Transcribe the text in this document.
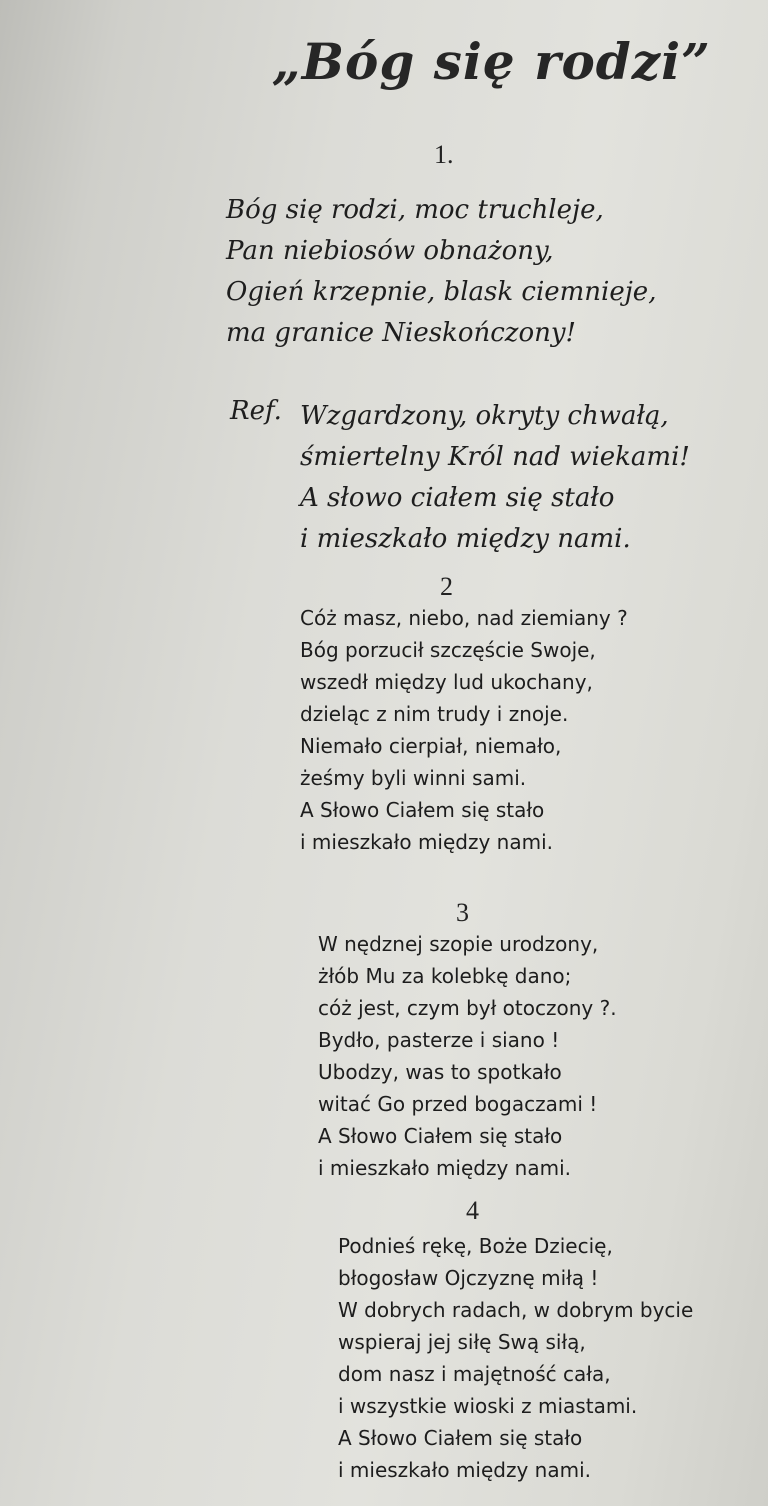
„Bóg się rodzi”
1.
Bóg się rodzi, moc truchleje,
Pan niebiosów obnażony,
Ogień krzepnie, blask ciemnieje,
ma granice Nieskończony!
Ref. Wzgardzony, okryty chwałą,
śmiertelny Król nad wiekami!
A słowo ciałem się stało
i mieszkało między nami.
2
Cóż masz, niebo, nad ziemiany ?
Bóg porzucił szczęście Swoje,
wszedł między lud ukochany,
dzieląc z nim trudy i znoje.
Niemało cierpiał, niemało,
żeśmy byli winni sami.
A Słowo Ciałem się stało
i mieszkało między nami.
3
W nędznej szopie urodzony,
żłób Mu za kolebkę dano;
cóż jest, czym był otoczony ?.
Bydło, pasterze i siano !
Ubodzy, was to spotkało
witać Go przed bogaczami !
A Słowo Ciałem się stało
i mieszkało między nami.
4
Podnieś rękę, Boże Dziecię,
błogosław Ojczyznę miłą !
W dobrych radach, w dobrym bycie
wspieraj jej siłę Swą siłą,
dom nasz i majętność cała,
i wszystkie wioski z miastami.
A Słowo Ciałem się stało
i mieszkało między nami.
